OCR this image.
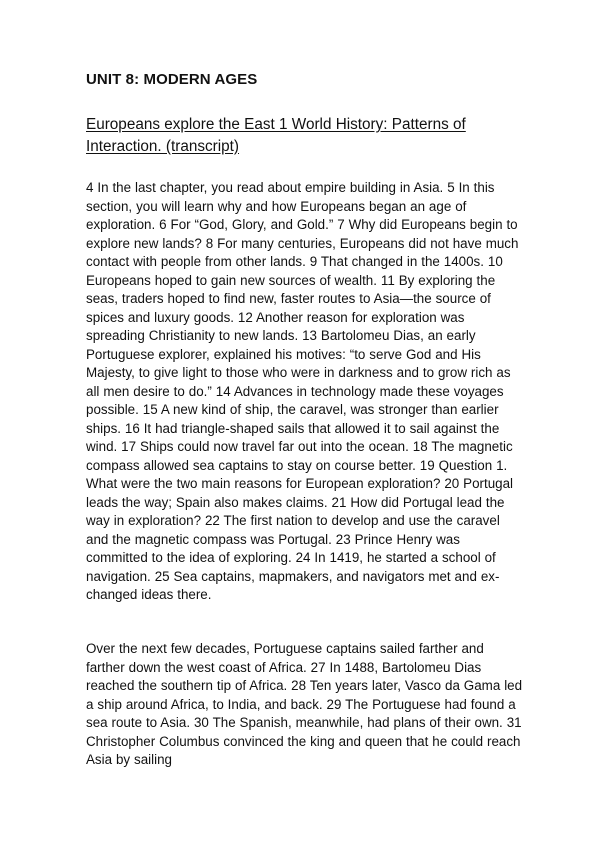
UNIT 8: MODERN AGES
Europeans explore the East 1 World History: Patterns of Interaction. (transcript)

4 In the last chapter, you read about empire building in Asia. 5 In this section, you will learn why and how Europeans began an age of exploration. 6 For “God, Glory, and Gold.” 7 Why did Europeans begin to explore new lands? 8 For many centuries, Europeans did not have much contact with people from other lands. 9 That changed in the 1400s. 10 Europeans hoped to gain new sources of wealth. 11 By exploring the seas, traders hoped to find new, faster routes to Asia—the source of spices and luxury goods. 12 Another reason for exploration was spreading Christianity to new lands. 13 Bartolomeu Dias, an early Portuguese explorer, explained his motives: “to serve God and His Majesty, to give light to those who were in darkness and to grow rich as all men desire to do.” 14 Advances in technology made these voyages possible. 15 A new kind of ship, the caravel, was stronger than earlier ships. 16 It had triangle-shaped sails that allowed it to sail against the wind. 17 Ships could now travel far out into the ocean. 18 The magnetic compass allowed sea captains to stay on course better. 19 Question 1. What were the two main reasons for European exploration? 20 Portugal leads the way; Spain also makes claims. 21 How did Portugal lead the way in exploration? 22 The first nation to develop and use the caravel and the magnetic compass was Portugal. 23 Prince Henry was committed to the idea of exploring. 24 In 1419, he started a school of navigation. 25 Sea captains, mapmakers, and navigators met and ex- changed ideas there.

Over the next few decades, Portuguese captains sailed farther and farther down the west coast of Africa. 27 In 1488, Bartolomeu Dias reached the southern tip of Africa. 28 Ten years later, Vasco da Gama led a ship around Africa, to India, and back. 29 The Portuguese had found a sea route to Asia. 30 The Spanish, meanwhile, had plans of their own. 31 Christopher Columbus convinced the king and queen that he could reach Asia by sailing
